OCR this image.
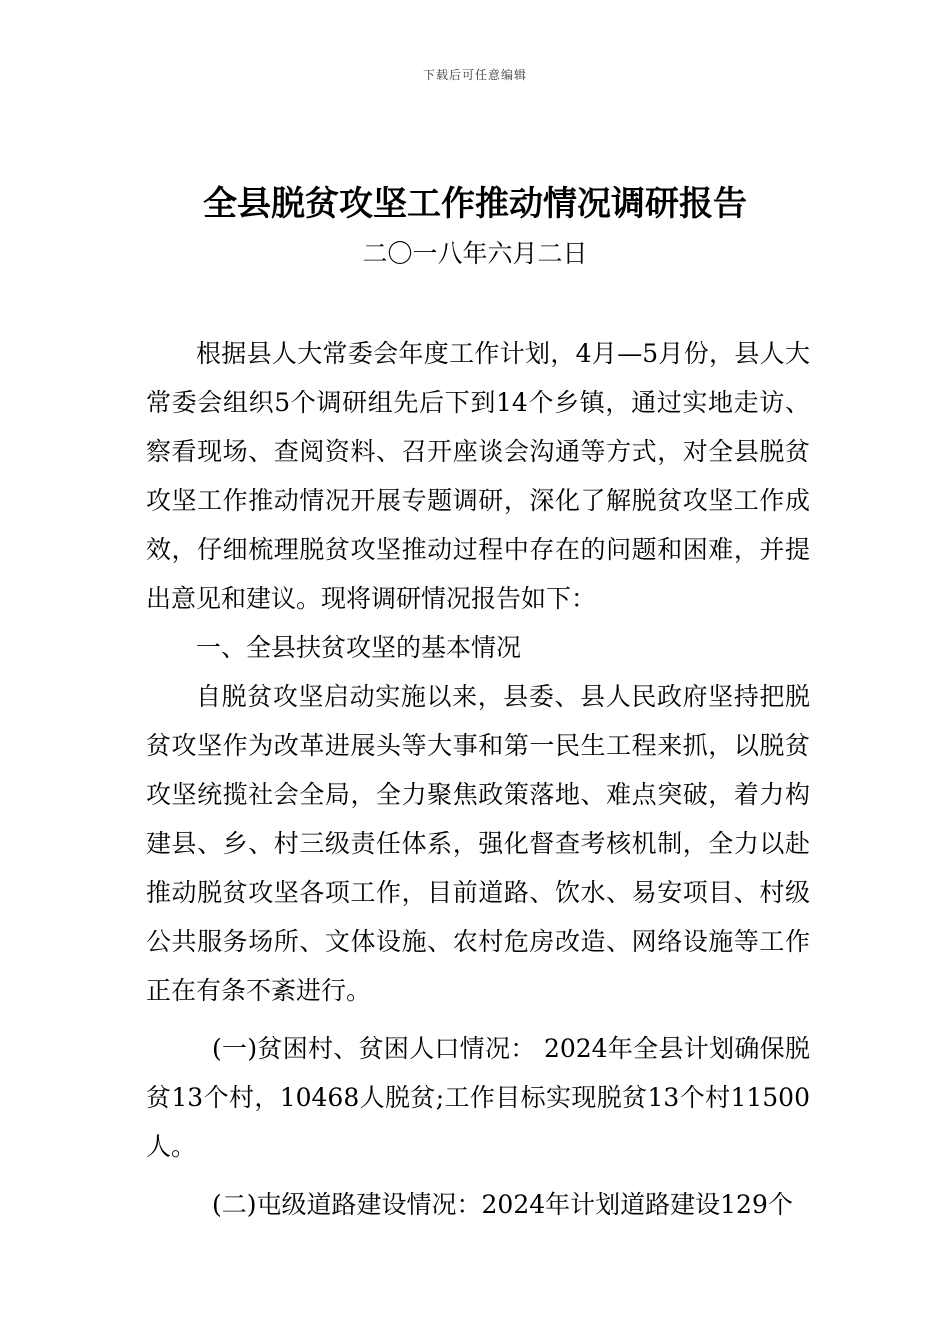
下载后可任意编辑
全县脱贫攻坚工作推动情况调研报告
二〇一八年六月二日

根据县人大常委会年度工作计划，4月—5月份，县人大常委会组织5个调研组先后下到14个乡镇，通过实地走访、察看现场、查阅资料、召开座谈会沟通等方式，对全县脱贫攻坚工作推动情况开展专题调研，深化了解脱贫攻坚工作成效，仔细梳理脱贫攻坚推动过程中存在的问题和困难，并提出意见和建议。现将调研情况报告如下：

一、全县扶贫攻坚的基本情况

自脱贫攻坚启动实施以来，县委、县人民政府坚持把脱贫攻坚作为改革进展头等大事和第一民生工程来抓，以脱贫攻坚统揽社会全局，全力聚焦政策落地、难点突破，着力构建县、乡、村三级责任体系，强化督查考核机制，全力以赴推动脱贫攻坚各项工作，目前道路、饮水、易安项目、村级公共服务场所、文体设施、农村危房改造、网络设施等工作正在有条不紊进行。

(一)贫困村、贫困人口情况： 2024年全县计划确保脱贫13个村，10468人脱贫;工作目标实现脱贫13个村11500人。

(二)屯级道路建设情况：2024年计划道路建设129个
